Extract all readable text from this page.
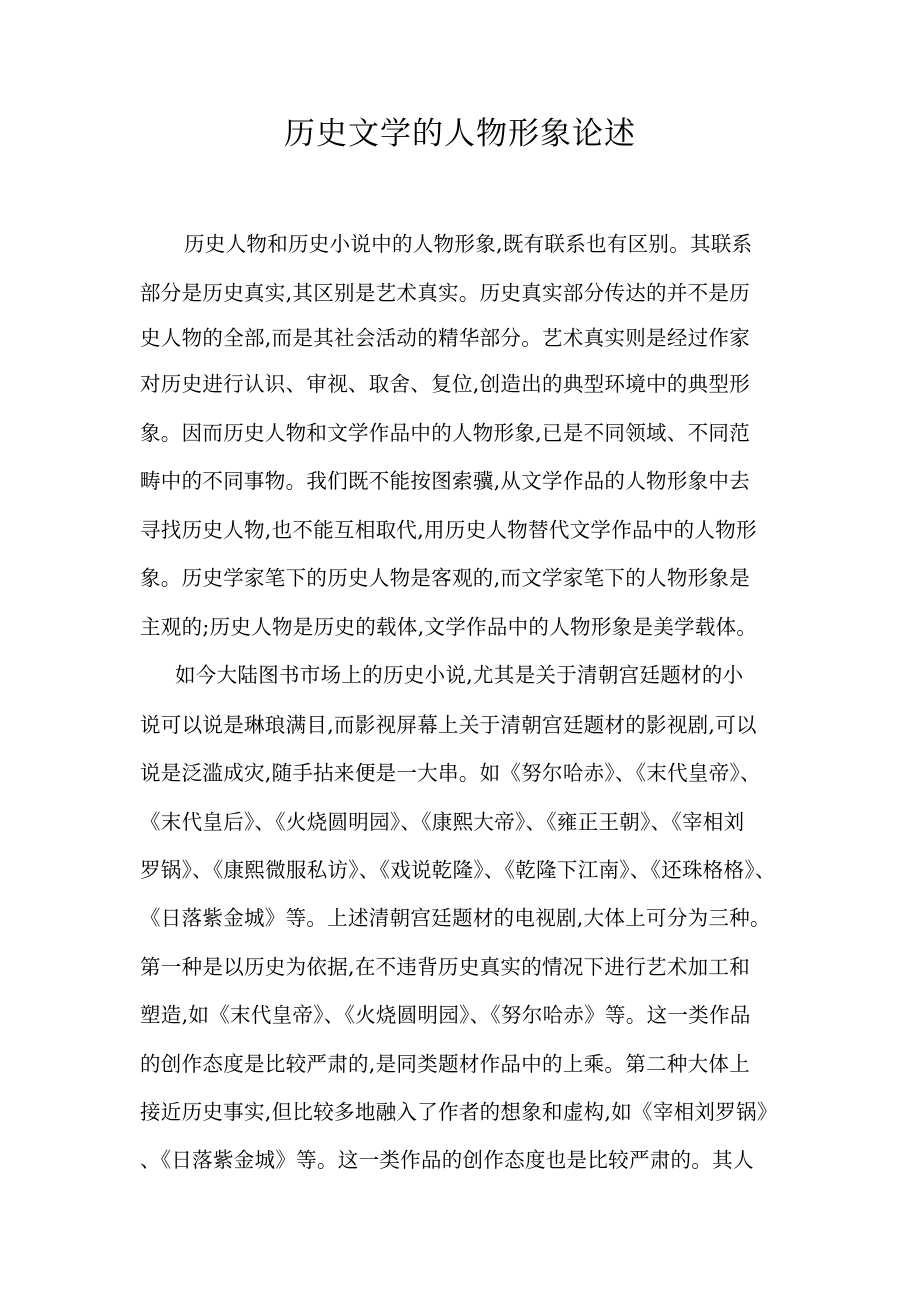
历史文学的人物形象论述
历史人物和历史小说中的人物形象,既有联系也有区别。其联系
部分是历史真实,其区别是艺术真实。历史真实部分传达的并不是历
史人物的全部,而是其社会活动的精华部分。艺术真实则是经过作家
对历史进行认识、审视、取舍、复位,创造出的典型环境中的典型形
象。因而历史人物和文学作品中的人物形象,已是不同领域、不同范
畴中的不同事物。我们既不能按图索骥,从文学作品的人物形象中去
寻找历史人物,也不能互相取代,用历史人物替代文学作品中的人物形
象。历史学家笔下的历史人物是客观的,而文学家笔下的人物形象是
主观的;历史人物是历史的载体,文学作品中的人物形象是美学载体。
如今大陆图书市场上的历史小说,尤其是关于清朝宫廷题材的小
说可以说是琳琅满目,而影视屏幕上关于清朝宫廷题材的影视剧,可以
说是泛滥成灾,随手拈来便是一大串。如《努尔哈赤》、《末代皇帝》、
《末代皇后》、《火烧圆明园》、《康熙大帝》、《雍正王朝》、《宰相刘
罗锅》、《康熙微服私访》、《戏说乾隆》、《乾隆下江南》、《还珠格格》、
《日落紫金城》等。上述清朝宫廷题材的电视剧,大体上可分为三种。
第一种是以历史为依据,在不违背历史真实的情况下进行艺术加工和
塑造,如《末代皇帝》、《火烧圆明园》、《努尔哈赤》等。这一类作品
的创作态度是比较严肃的,是同类题材作品中的上乘。第二种大体上
接近历史事实,但比较多地融入了作者的想象和虚构,如《宰相刘罗锅》
、《日落紫金城》等。这一类作品的创作态度也是比较严肃的。其人
